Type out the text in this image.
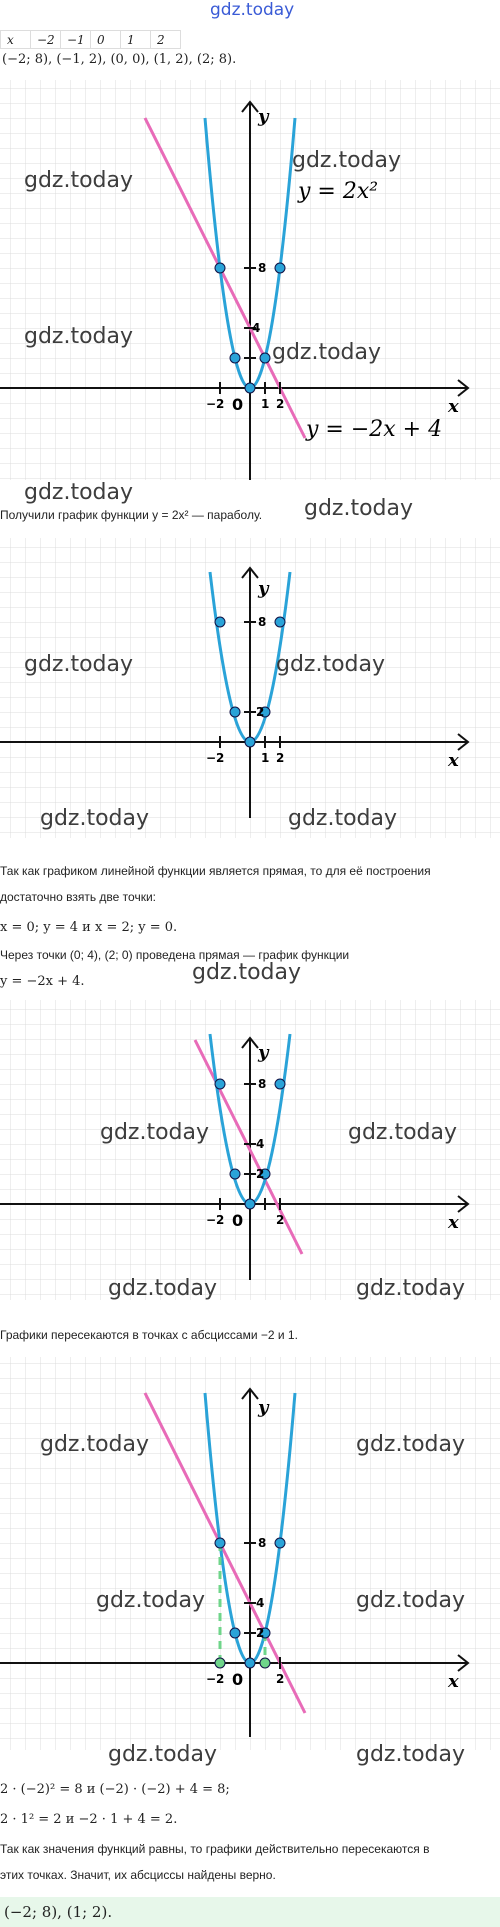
gdz.today
x	−2	−1	0	1	2
(−2; 8), (−1, 2), (0, 0), (1, 2), (2; 8).
−2 0 1 2
8
4
y
x
y = 2x²
y = −2x + 4
gdz.today
gdz.today
gdz.today
gdz.today
gdz.today
gdz.today
Получили график функции y = 2x² — параболу.
−2	1 2
8
2
y
x
gdz.today	gdz.today
gdz.today	gdz.today
Так как графиком линейной функции является прямая, то для её построения
достаточно взять две точки:
x = 0; y = 4 и x = 2; y = 0.
Через точки (0; 4), (2; 0) проведена прямая — график функции
y = −2x + 4.	gdz.today
−2 0	2
8
4
2
y
x
gdz.today	gdz.today
gdz.today	gdz.today
Графики пересекаются в точках с абсциссами −2 и 1.
−2 0	2
8
4
2
y
x
gdz.today	gdz.today
gdz.today	gdz.today
gdz.today	gdz.today
2 · (−2)² = 8 и (−2) · (−2) + 4 = 8;
2 · 1² = 2 и −2 · 1 + 4 = 2.
Так как значения функций равны, то графики действительно пересекаются в
этих точках. Значит, их абсциссы найдены верно.
(−2; 8), (1; 2).
